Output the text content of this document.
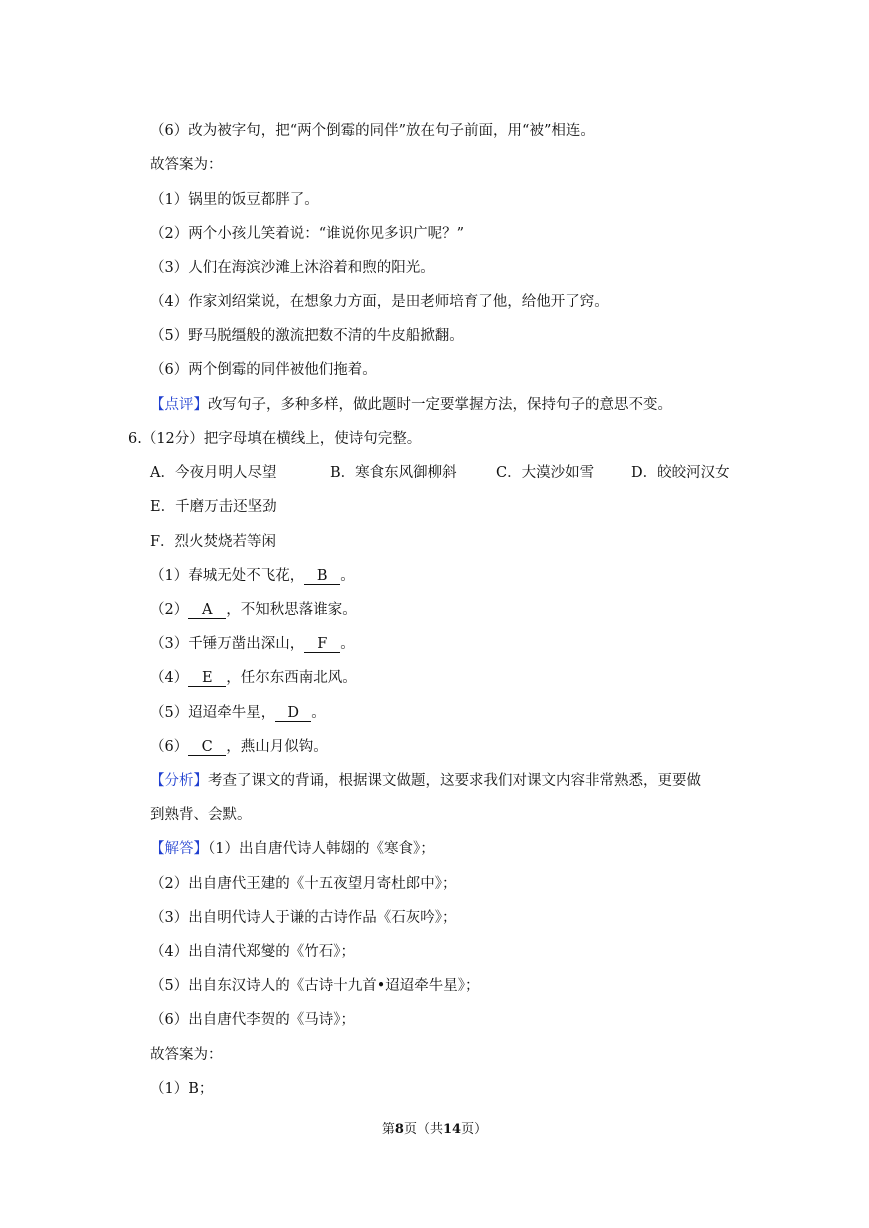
（6）改为被字句，把“两个倒霉的同伴”放在句子前面，用“被”相连。
故答案为：
（1）锅里的饭豆都胖了。
（2）两个小孩儿笑着说：“谁说你见多识广呢？”
（3）人们在海滨沙滩上沐浴着和煦的阳光。
（4）作家刘绍棠说，在想象力方面，是田老师培育了他，给他开了窍。
（5）野马脱缰般的激流把数不清的牛皮船掀翻。
（6）两个倒霉的同伴被他们拖着。
【点评】改写句子，多种多样，做此题时一定要掌握方法，保持句子的意思不变。
6.（12分）把字母填在横线上，使诗句完整。
A．今夜月明人尽望	B．寒食东风御柳斜	C．大漠沙如雪	D．皎皎河汉女
E．千磨万击还坚劲
F．烈火焚烧若等闲
（1）春城无处不飞花， B 。
（2） A ，不知秋思落谁家。
（3）千锤万凿出深山， F 。
（4） E ，任尔东西南北风。
（5）迢迢牵牛星， D 。
（6） C ，燕山月似钩。
【分析】考查了课文的背诵，根据课文做题，这要求我们对课文内容非常熟悉，更要做
到熟背、会默。
【解答】（1）出自唐代诗人韩翃的《寒食》；
（2）出自唐代王建的《十五夜望月寄杜郎中》；
（3）出自明代诗人于谦的古诗作品《石灰吟》；
（4）出自清代郑燮的《竹石》；
（5）出自东汉诗人的《古诗十九首•迢迢牵牛星》；
（6）出自唐代李贺的《马诗》；
故答案为：
（1）B；
第8页（共14页）
